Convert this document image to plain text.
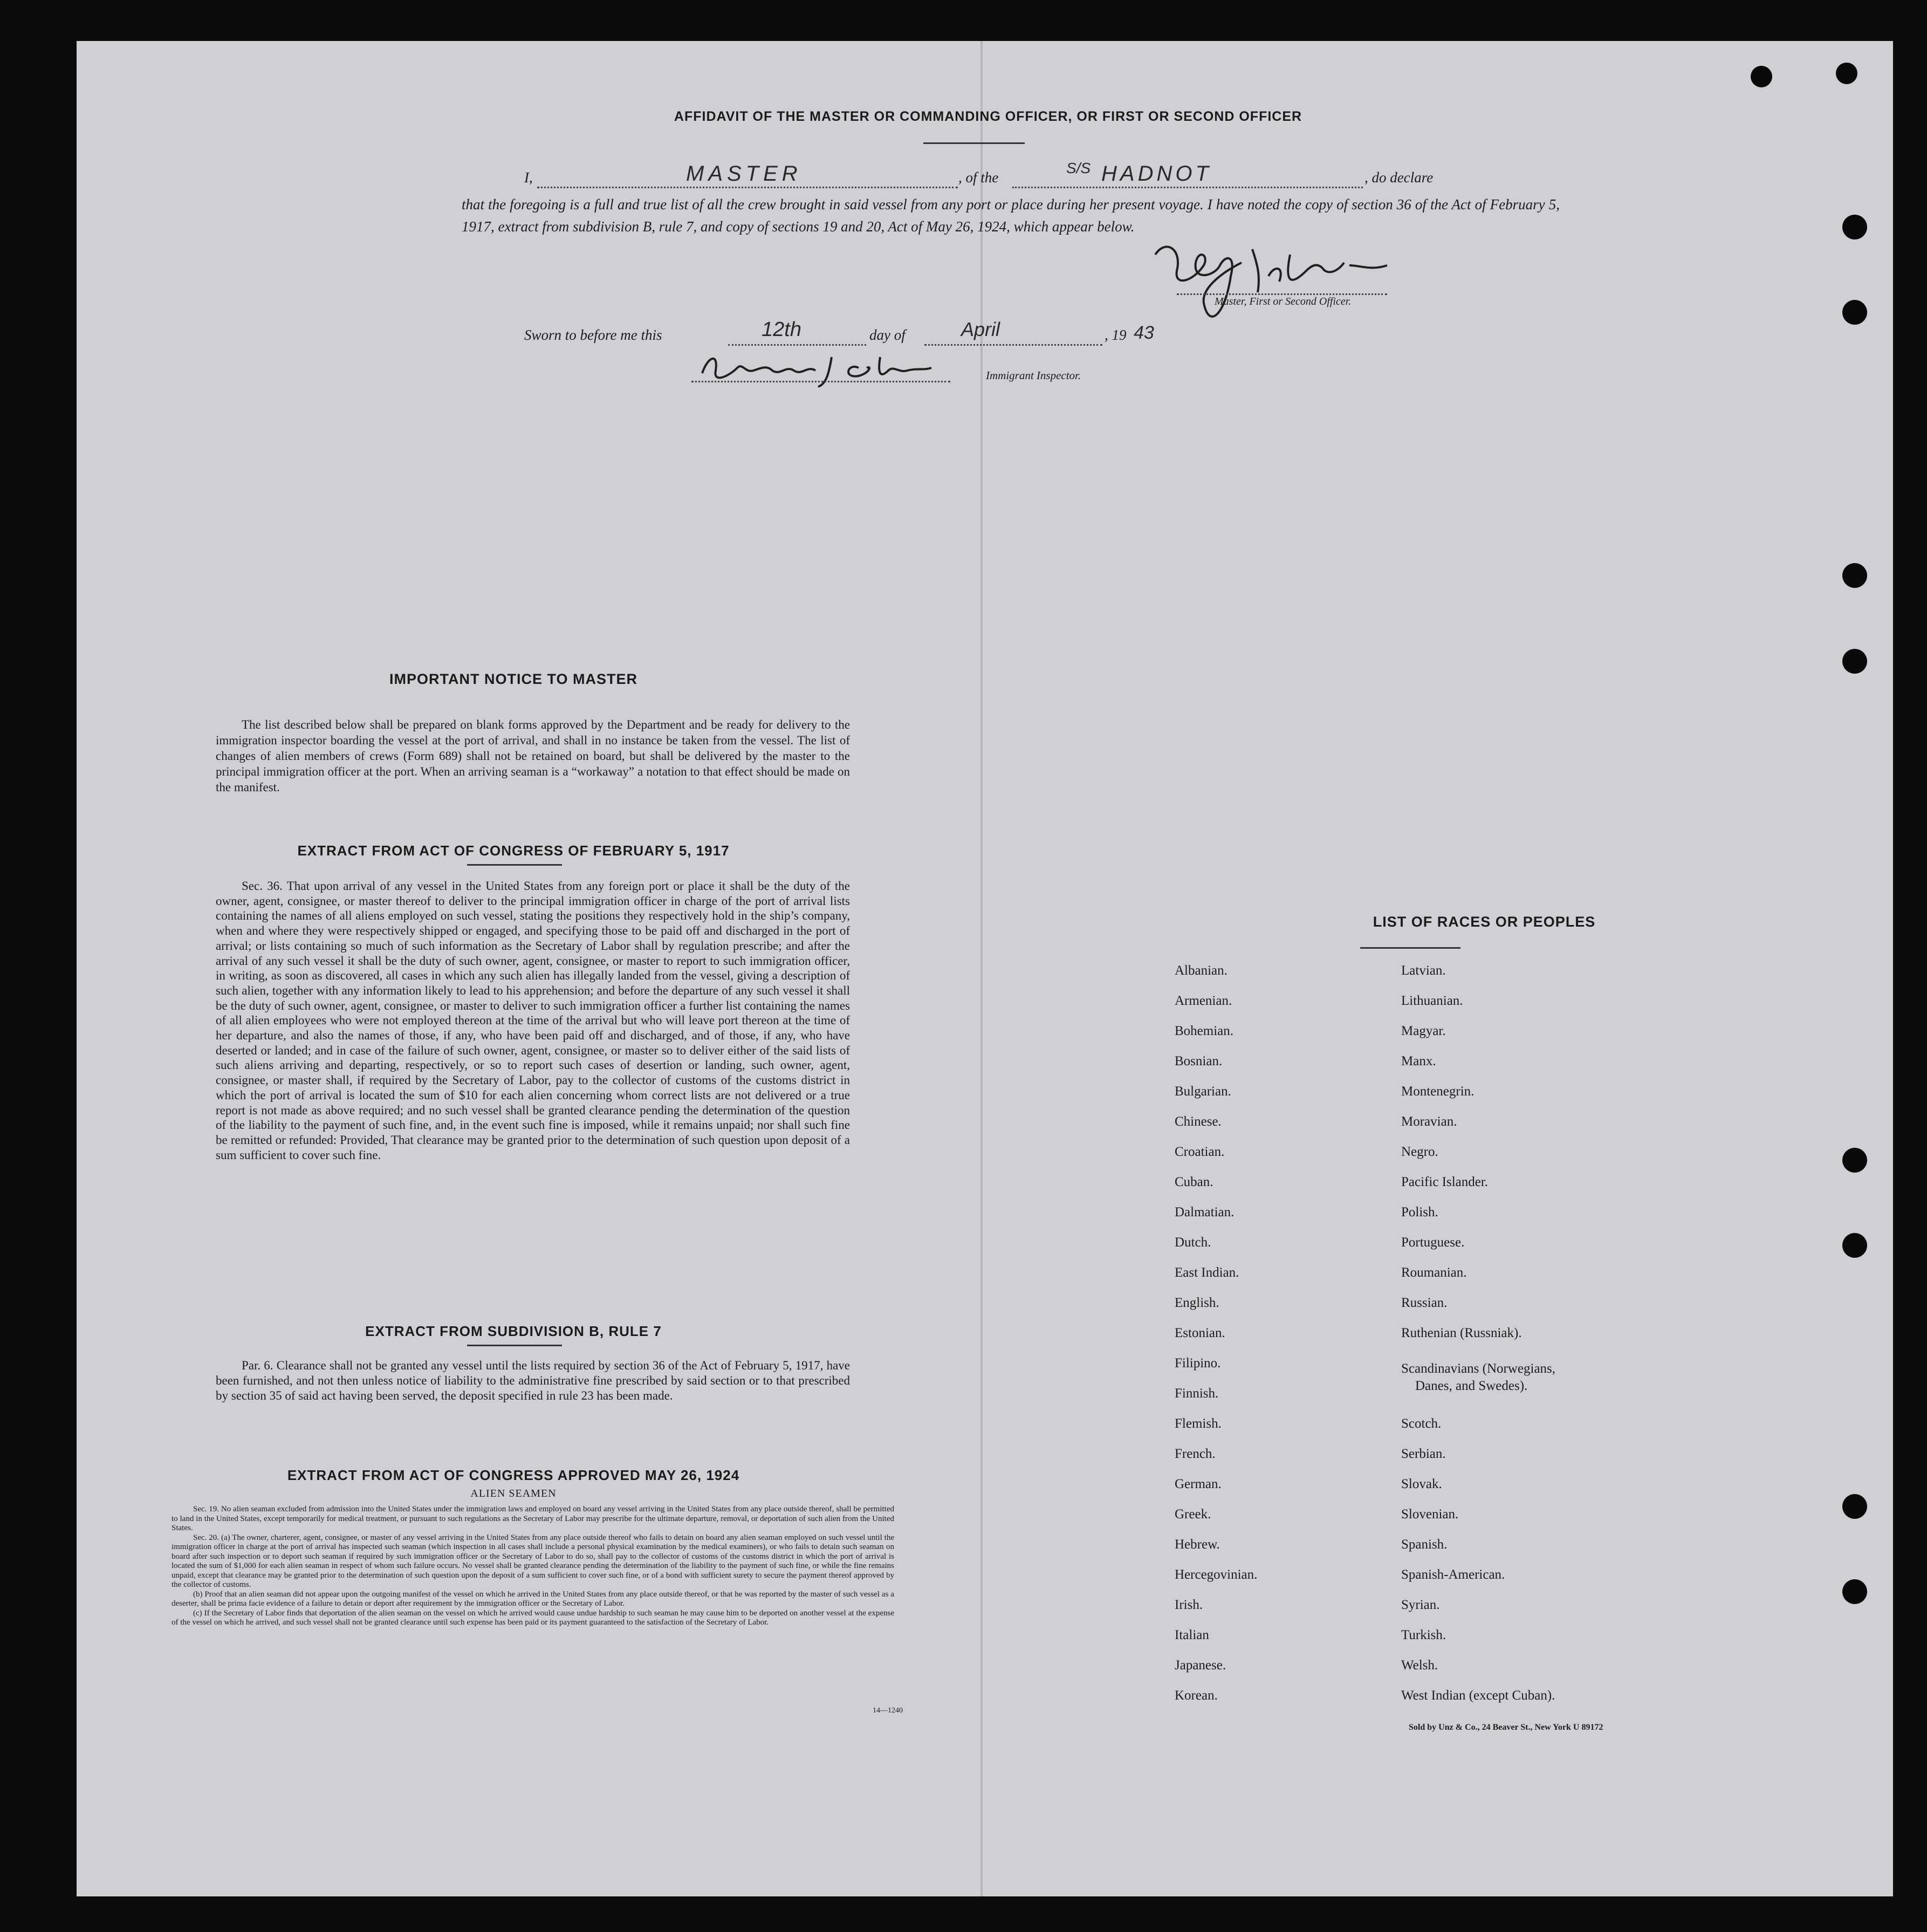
AFFIDAVIT OF THE MASTER OR COMMANDING OFFICER, OR FIRST OR SECOND OFFICER
I,	MASTER	, of the
S/S HADNOT	, do declare

that the foregoing is a full and true list of all the crew brought in said vessel from any port or place during her present voyage. I have noted the copy of section 36 of the Act of February 5, 1917, extract from subdivision B, rule 7, and copy of sections 19 and 20, Act of May 26, 1924, which appear below.

Master, First or Second Officer.
Sworn to before me this	12th	day of	April	, 19 43
Immigrant Inspector.
IMPORTANT NOTICE TO MASTER

The list described below shall be prepared on blank forms approved by the Department and be ready for delivery to the immigration inspector boarding the vessel at the port of arrival, and shall in no instance be taken from the vessel. The list of changes of alien members of crews (Form 689) shall not be retained on board, but shall be delivered by the master to the principal immigration officer at the port. When an arriving seaman is a “workaway” a notation to that effect should be made on the manifest.

EXTRACT FROM ACT OF CONGRESS OF FEBRUARY 5, 1917

Sec. 36. That upon arrival of any vessel in the United States from any foreign port or place it shall be the duty of the owner, agent, consignee, or master thereof to deliver to the principal immigration officer in charge of the port of arrival lists containing the names of all aliens employed on such vessel, stating the positions they respectively hold in the ship’s company, when and where they were respectively shipped or engaged, and specifying those to be paid off and discharged in the port of arrival; or lists containing so much of such information as the Secretary of Labor shall by regulation prescribe; and after the arrival of any such vessel it shall be the duty of such owner, agent, consignee, or master to report to such immigration officer, in writing, as soon as discovered, all cases in which any such alien has illegally landed from the vessel, giving a description of such alien, together with any information likely to lead to his apprehension; and before the departure of any such vessel it shall be the duty of such owner, agent, consignee, or master to deliver to such immigration officer a further list containing the names of all alien employees who were not employed thereon at the time of the arrival but who will leave port thereon at the time of her departure, and also the names of those, if any, who have been paid off and discharged, and of those, if any, who have deserted or landed; and in case of the failure of such owner, agent, consignee, or master so to deliver either of the said lists of such aliens arriving and departing, respectively, or so to report such cases of desertion or landing, such owner, agent, consignee, or master shall, if required by the Secretary of Labor, pay to the collector of customs of the customs district in which the port of arrival is located the sum of $10 for each alien concerning whom correct lists are not delivered or a true report is not made as above required; and no such vessel shall be granted clearance pending the determination of the question of the liability to the payment of such fine, and, in the event such fine is imposed, while it remains unpaid; nor shall such fine be remitted or refunded: Provided, That clearance may be granted prior to the determination of such question upon deposit of a sum sufficient to cover such fine.

EXTRACT FROM SUBDIVISION B, RULE 7

Par. 6. Clearance shall not be granted any vessel until the lists required by section 36 of the Act of February 5, 1917, have been furnished, and not then unless notice of liability to the administrative fine prescribed by said section or to that prescribed by section 35 of said act having been served, the deposit specified in rule 23 has been made.

EXTRACT FROM ACT OF CONGRESS APPROVED MAY 26, 1924
ALIEN SEAMEN

Sec. 19. No alien seaman excluded from admission into the United States under the immigration laws and employed on board any vessel arriving in the United States from any place outside thereof, shall be permitted to land in the United States, except temporarily for medical treatment, or pursuant to such regulations as the Secretary of Labor may prescribe for the ultimate departure, removal, or deportation of such alien from the United States.

Sec. 20. (a) The owner, charterer, agent, consignee, or master of any vessel arriving in the United States from any place outside thereof who fails to detain on board any alien seaman employed on such vessel until the immigration officer in charge at the port of arrival has inspected such seaman (which inspection in all cases shall include a personal physical examination by the medical examiners), or who fails to detain such seaman on board after such inspection or to deport such seaman if required by such immigration officer or the Secretary of Labor to do so, shall pay to the collector of customs of the customs district in which the port of arrival is located the sum of $1,000 for each alien seaman in respect of whom such failure occurs. No vessel shall be granted clearance pending the determination of the liability to the payment of such fine, or while the fine remains unpaid, except that clearance may be granted prior to the determination of such question upon the deposit of a sum sufficient to cover such fine, or of a bond with sufficient surety to secure the payment thereof approved by the collector of customs.

(b) Proof that an alien seaman did not appear upon the outgoing manifest of the vessel on which he arrived in the United States from any place outside thereof, or that he was reported by the master of such vessel as a deserter, shall be prima facie evidence of a failure to detain or deport after requirement by the immigration officer or the Secretary of Labor.

(c) If the Secretary of Labor finds that deportation of the alien seaman on the vessel on which he arrived would cause undue hardship to such seaman he may cause him to be deported on another vessel at the expense of the vessel on which he arrived, and such vessel shall not be granted clearance until such expense has been paid or its payment guaranteed to the satisfaction of the Secretary of Labor.

14—1240
LIST OF RACES OR PEOPLES
Albanian.
Armenian.
Bohemian.
Bosnian.
Bulgarian.
Chinese.
Croatian.
Cuban.
Dalmatian.
Dutch.
East Indian.
English.
Estonian.
Filipino.
Finnish.
Flemish.
French.
German.
Greek.
Hebrew.
Hercegovinian.
Irish.
Italian
Japanese.
Korean.
Latvian.
Lithuanian.
Magyar.
Manx.
Montenegrin.
Moravian.
Negro.
Pacific Islander.
Polish.
Portuguese.
Roumanian.
Russian.
Ruthenian (Russniak).
Scandinavians (Norwegians,
Danes, and Swedes).
Scotch.
Serbian.
Slovak.
Slovenian.
Spanish.
Spanish-American.
Syrian.
Turkish.
Welsh.
West Indian (except Cuban).
Sold by Unz & Co., 24 Beaver St., New York U 89172
